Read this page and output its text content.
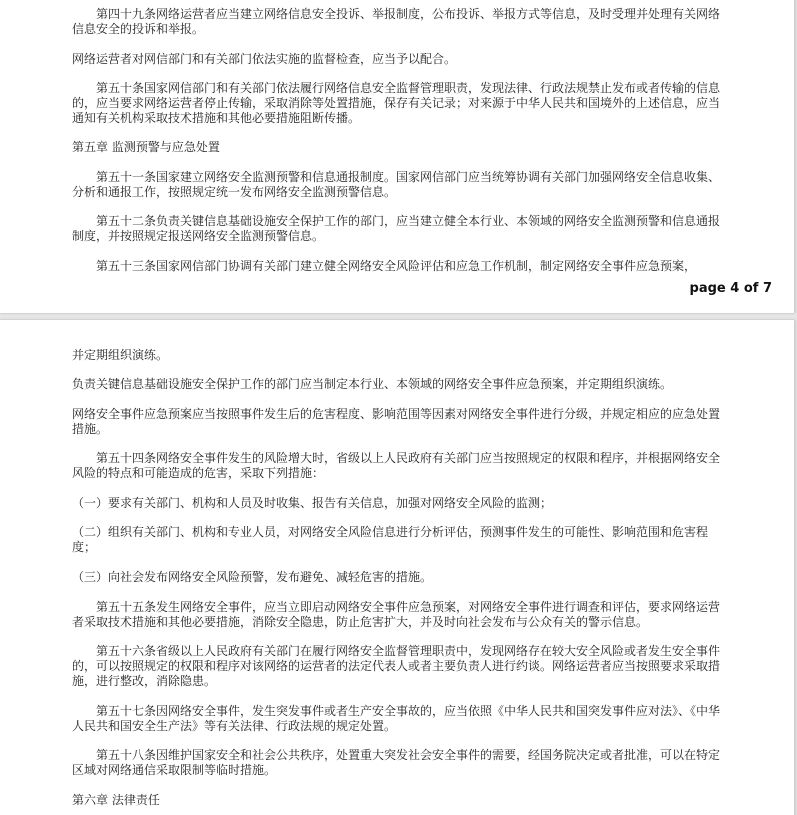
第四十九条网络运营者应当建立网络信息安全投诉、举报制度，公布投诉、举报方式等信息，及时受理并处理有关网络信息安全的投诉和举报。

网络运营者对网信部门和有关部门依法实施的监督检查，应当予以配合。

第五十条国家网信部门和有关部门依法履行网络信息安全监督管理职责，发现法律、行政法规禁止发布或者传输的信息的，应当要求网络运营者停止传输，采取消除等处置措施，保存有关记录；对来源于中华人民共和国境外的上述信息，应当通知有关机构采取技术措施和其他必要措施阻断传播。

第五章 监测预警与应急处置

第五十一条国家建立网络安全监测预警和信息通报制度。国家网信部门应当统筹协调有关部门加强网络安全信息收集、分析和通报工作，按照规定统一发布网络安全监测预警信息。

第五十二条负责关键信息基础设施安全保护工作的部门，应当建立健全本行业、本领域的网络安全监测预警和信息通报制度，并按照规定报送网络安全监测预警信息。

第五十三条国家网信部门协调有关部门建立健全网络安全风险评估和应急工作机制，制定网络安全事件应急预案，

page 4 of 7

并定期组织演练。

负责关键信息基础设施安全保护工作的部门应当制定本行业、本领域的网络安全事件应急预案，并定期组织演练。

网络安全事件应急预案应当按照事件发生后的危害程度、影响范围等因素对网络安全事件进行分级，并规定相应的应急处置措施。

第五十四条网络安全事件发生的风险增大时，省级以上人民政府有关部门应当按照规定的权限和程序，并根据网络安全风险的特点和可能造成的危害，采取下列措施：

（一）要求有关部门、机构和人员及时收集、报告有关信息，加强对网络安全风险的监测；

（二）组织有关部门、机构和专业人员，对网络安全风险信息进行分析评估，预测事件发生的可能性、影响范围和危害程度；

（三）向社会发布网络安全风险预警，发布避免、减轻危害的措施。

第五十五条发生网络安全事件，应当立即启动网络安全事件应急预案，对网络安全事件进行调查和评估，要求网络运营者采取技术措施和其他必要措施，消除安全隐患，防止危害扩大，并及时向社会发布与公众有关的警示信息。

第五十六条省级以上人民政府有关部门在履行网络安全监督管理职责中，发现网络存在较大安全风险或者发生安全事件的，可以按照规定的权限和程序对该网络的运营者的法定代表人或者主要负责人进行约谈。网络运营者应当按照要求采取措施，进行整改，消除隐患。

第五十七条因网络安全事件，发生突发事件或者生产安全事故的，应当依照《中华人民共和国突发事件应对法》、《中华人民共和国安全生产法》等有关法律、行政法规的规定处置。

第五十八条因维护国家安全和社会公共秩序，处置重大突发社会安全事件的需要，经国务院决定或者批准，可以在特定区域对网络通信采取限制等临时措施。

第六章 法律责任
